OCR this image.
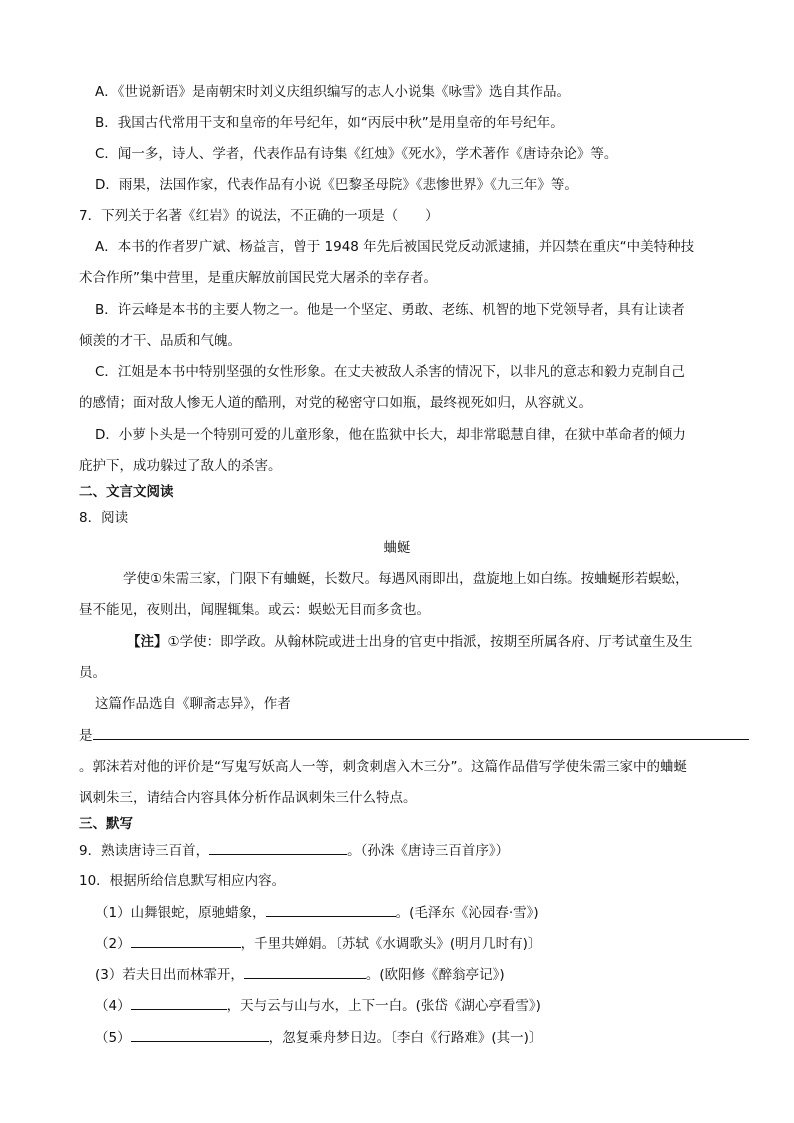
A．《世说新语》是南朝宋时刘义庆组织编写的志人小说集《咏雪》选自其作品。
B．我国古代常用干支和皇帝的年号纪年，如“丙辰中秋”是用皇帝的年号纪年。
C．闻一多，诗人、学者，代表作品有诗集《红烛》《死水》，学术著作《唐诗杂论》等。
D．雨果，法国作家，代表作品有小说《巴黎圣母院》《悲惨世界》《九三年》等。
7．下列关于名著《红岩》的说法，不正确的一项是（　　）
A．本书的作者罗广斌、杨益言，曾于 1948 年先后被国民党反动派逮捕，并囚禁在重庆“中美特种技
术合作所”集中营里，是重庆解放前国民党大屠杀的幸存者。
B．许云峰是本书的主要人物之一。他是一个坚定、勇敢、老练、机智的地下党领导者，具有让读者
倾羡的才干、品质和气魄。
C．江姐是本书中特别坚强的女性形象。在丈夫被敌人杀害的情况下，以非凡的意志和毅力克制自己
的感情；面对敌人惨无人道的酷刑，对党的秘密守口如瓶，最终视死如归，从容就义。
D．小萝卜头是一个特别可爱的儿童形象，他在监狱中长大，却非常聪慧自律，在狱中革命者的倾力
庇护下，成功躲过了敌人的杀害。
二、文言文阅读
8．阅读
蛐蜒
学使①朱需三家，门限下有蛐蜒，长数尺。每遇风雨即出，盘旋地上如白练。按蛐蜒形若蜈蚣，
昼不能见，夜则出，闻腥辄集。或云：蜈蚣无目而多贪也。
【注】①学使：即学政。从翰林院或进士出身的官吏中指派，按期至所属各府、厅考试童生及生
员。
这篇作品选自《聊斋志异》，作者
是
。郭沫若对他的评价是“写鬼写妖高人一等，刺贪刺虐入木三分”。这篇作品借写学使朱需三家中的蛐蜒
讽刺朱三，请结合内容具体分析作品讽刺朱三什么特点。
三、默写
9．熟读唐诗三百首，	。（孙洙《唐诗三百首序》）
10．根据所给信息默写相应内容。
（1）山舞银蛇，原驰蜡象，	。(毛泽东《沁园春·雪》)
（2）	，千里共婵娟。〔苏轼《水调歌头》(明月几时有)〕
(3）若夫日出而林霏开，	。(欧阳修《醉翁亭记》)
（4）	，天与云与山与水，上下一白。(张岱《湖心亭看雪》)
（5）	，忽复乘舟梦日边。〔李白《行路难》(其一)〕
